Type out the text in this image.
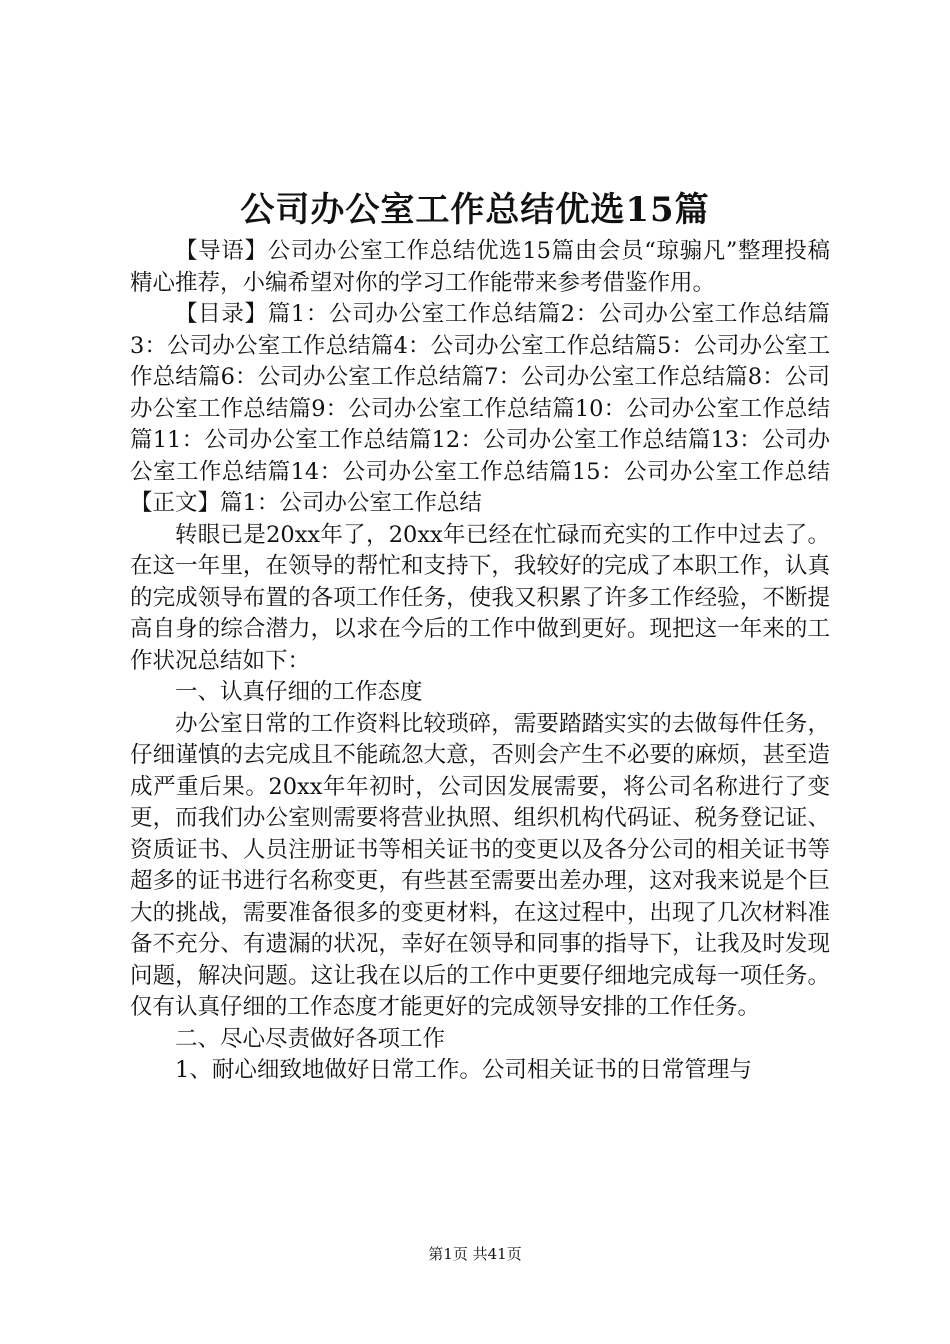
公司办公室工作总结优选15篇

【导语】公司办公室工作总结优选15篇由会员“琼骟凡”整理投稿精心推荐，小编希望对你的学习工作能带来参考借鉴作用。

【目录】篇1：公司办公室工作总结篇2：公司办公室工作总结篇3：公司办公室工作总结篇4：公司办公室工作总结篇5：公司办公室工作总结篇6：公司办公室工作总结篇7：公司办公室工作总结篇8：公司办公室工作总结篇9：公司办公室工作总结篇10：公司办公室工作总结篇11：公司办公室工作总结篇12：公司办公室工作总结篇13：公司办公室工作总结篇14：公司办公室工作总结篇15：公司办公室工作总结【正文】篇1：公司办公室工作总结

转眼已是20xx年了，20xx年已经在忙碌而充实的工作中过去了。在这一年里，在领导的帮忙和支持下，我较好的完成了本职工作，认真的完成领导布置的各项工作任务，使我又积累了许多工作经验，不断提高自身的综合潜力，以求在今后的工作中做到更好。现把这一年来的工作状况总结如下：

一、认真仔细的工作态度

办公室日常的工作资料比较琐碎，需要踏踏实实的去做每件任务，仔细谨慎的去完成且不能疏忽大意，否则会产生不必要的麻烦，甚至造成严重后果。20xx年年初时，公司因发展需要，将公司名称进行了变更，而我们办公室则需要将营业执照、组织机构代码证、税务登记证、资质证书、人员注册证书等相关证书的变更以及各分公司的相关证书等超多的证书进行名称变更，有些甚至需要出差办理，这对我来说是个巨大的挑战，需要准备很多的变更材料，在这过程中，出现了几次材料准备不充分、有遗漏的状况，幸好在领导和同事的指导下，让我及时发现问题，解决问题。这让我在以后的工作中更要仔细地完成每一项任务。仅有认真仔细的工作态度才能更好的完成领导安排的工作任务。

二、尽心尽责做好各项工作

1、耐心细致地做好日常工作。公司相关证书的日常管理与

第1页 共41页
